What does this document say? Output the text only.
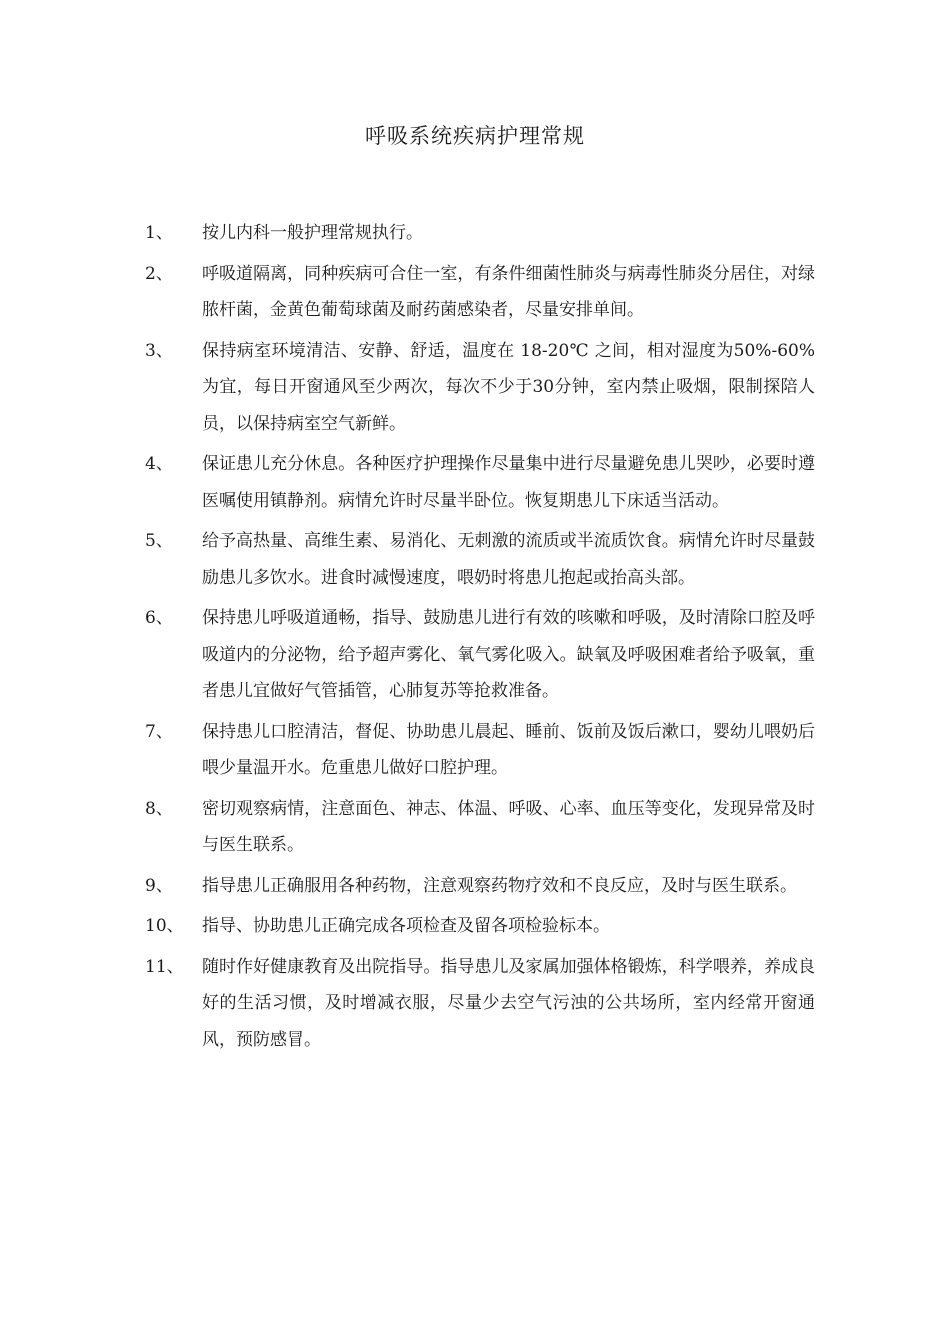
呼吸系统疾病护理常规
1、	按儿内科一般护理常规执行。
2、	呼吸道隔离，同种疾病可合住一室，有条件细菌性肺炎与病毒性肺炎分居住，对绿脓杆菌，金黄色葡萄球菌及耐药菌感染者，尽量安排单间。
3、	保持病室环境清洁、安静、舒适，温度在 18-20℃ 之间，相对湿度为50%-60%为宜，每日开窗通风至少两次，每次不少于30分钟，室内禁止吸烟，限制探陪人员，以保持病室空气新鲜。
4、	保证患儿充分休息。各种医疗护理操作尽量集中进行尽量避免患儿哭吵，必要时遵医嘱使用镇静剂。病情允许时尽量半卧位。恢复期患儿下床适当活动。
5、	给予高热量、高维生素、易消化、无刺激的流质或半流质饮食。病情允许时尽量鼓励患儿多饮水。进食时减慢速度，喂奶时将患儿抱起或抬高头部。
6、	保持患儿呼吸道通畅，指导、鼓励患儿进行有效的咳嗽和呼吸，及时清除口腔及呼吸道内的分泌物，给予超声雾化、氧气雾化吸入。缺氧及呼吸困难者给予吸氧，重者患儿宜做好气管插管，心肺复苏等抢救准备。
7、	保持患儿口腔清洁，督促、协助患儿晨起、睡前、饭前及饭后漱口，婴幼儿喂奶后喂少量温开水。危重患儿做好口腔护理。
8、	密切观察病情，注意面色、神志、体温、呼吸、心率、血压等变化，发现异常及时与医生联系。
9、	指导患儿正确服用各种药物，注意观察药物疗效和不良反应，及时与医生联系。
10、	指导、协助患儿正确完成各项检查及留各项检验标本。
11、	随时作好健康教育及出院指导。指导患儿及家属加强体格锻炼，科学喂养，养成良好的生活习惯，及时增减衣服，尽量少去空气污浊的公共场所，室内经常开窗通风，预防感冒。
